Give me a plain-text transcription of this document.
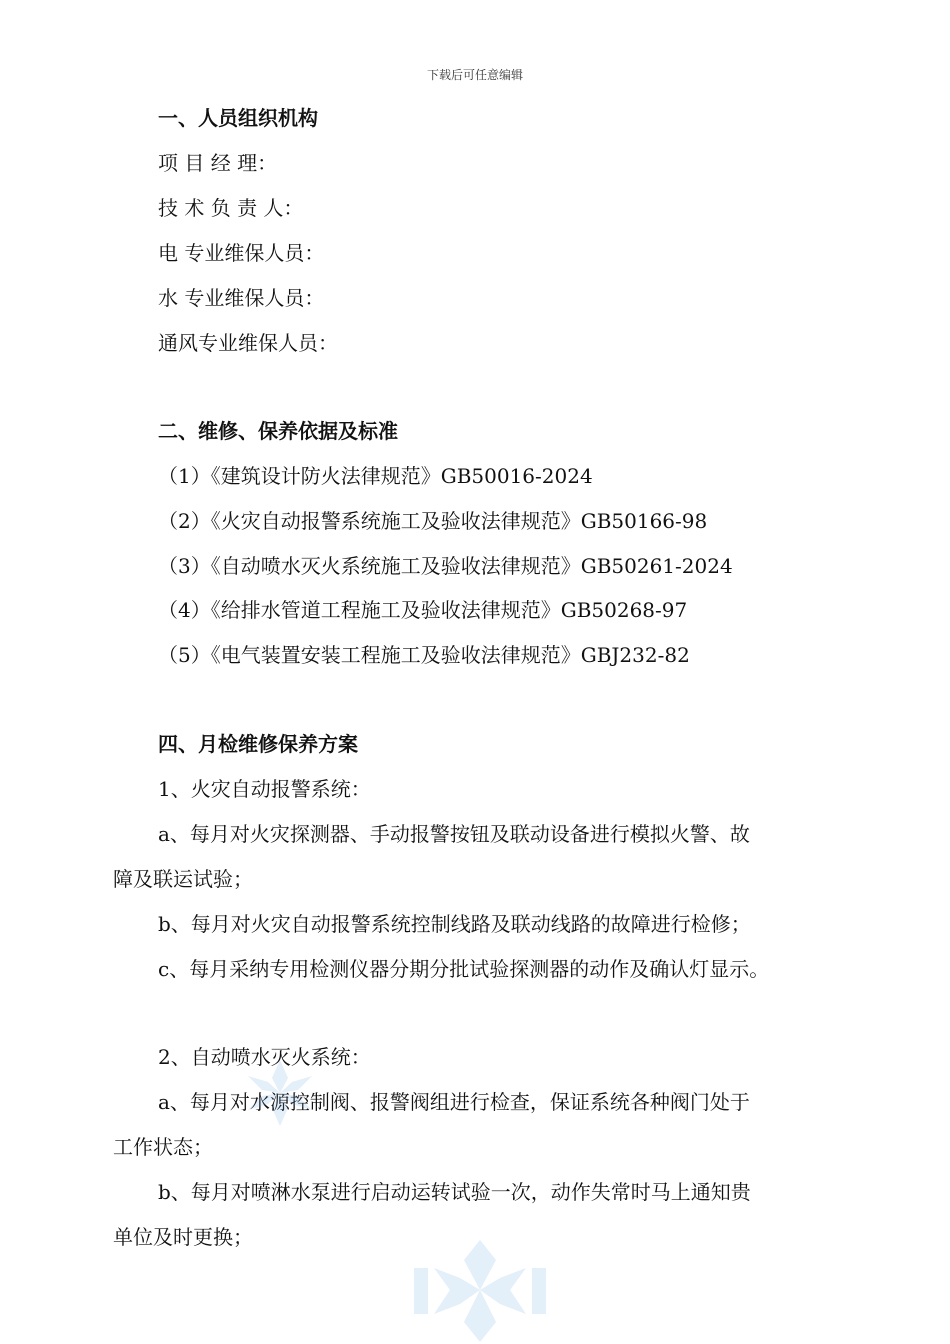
下载后可任意编辑
一、人员组织机构
项 目 经 理：
技 术 负 责 人：
电 专业维保人员：
水 专业维保人员：
通风专业维保人员：
二、维修、保养依据及标准
（1）《建筑设计防火法律规范》GB50016-2024
（2）《火灾自动报警系统施工及验收法律规范》GB50166-98
（3）《自动喷水灭火系统施工及验收法律规范》GB50261-2024
（4）《给排水管道工程施工及验收法律规范》GB50268-97
（5）《电气装置安装工程施工及验收法律规范》GBJ232-82
四、月检维修保养方案
1、火灾自动报警系统：
a、每月对火灾探测器、手动报警按钮及联动设备进行模拟火警、故
障及联运试验；
b、每月对火灾自动报警系统控制线路及联动线路的故障进行检修；
c、每月采纳专用检测仪器分期分批试验探测器的动作及确认灯显示。
2、自动喷水灭火系统：
a、每月对水源控制阀、报警阀组进行检查，保证系统各种阀门处于
工作状态；
b、每月对喷淋水泵进行启动运转试验一次，动作失常时马上通知贵
单位及时更换；
